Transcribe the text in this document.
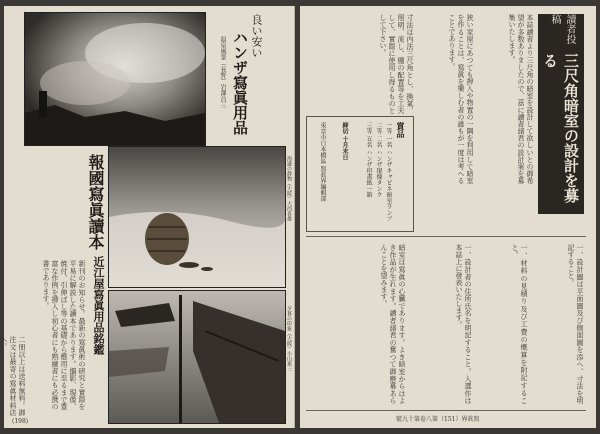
良い安い
ハンザ寫眞用品
温泉風景（長野）岩澤昌三
海邊の静物（大阪）大西喜雄
夕暮の印象（大阪）小山素三
報國寫眞讀本
近江屋寫眞用品銘鑑
新刊のお知らせ。最新の寫眞術の研究と實際を平易に解説した讀本であります。撮影、現像、焼付、引伸ばし等の基礎から應用に至るまで豊富な作例を挿入し初心者にも熟練者にも必携の書であります。
二冊以上は送料無料。御注文は最寄の寫眞材料店へ。
(198)
讀者投稿
三尺角暗室の設計を募る
本誌讀者より三尺角の暗室を設計して欲しいとの御希望が多数ありましたので、茲に讀者諸君の設計案を募集いたします。
狭い家屋にあつても押入や物置の一隅を利用して暗室を作ることは、寫眞を樂しむ者の誰もが一度は考へることであります。
寸法は内法三尺角とし、換氣、照明、流し、棚の配置等を工夫して、實際に使用し得るものとして下さい。
賞品
一等 一名 ハンザキャビネ暗室ランプ
二等 二名 ハンザ現像タンク
三等 五名 ハンザ印畫紙一箱
締切 十月末日
東京市日本橋區 寫眞界編輯部
一、設計圖は平面圖及び側面圖を添へ、寸法を明記すること。
一、材料の見積り及び工費の概算を附記すること。
一、設計者の住所氏名を明記すること。入選作は本誌上に發表いたします。
暗室は寫眞の心臟であります。よき暗室からはよき作品が生れます。讀者諸君の奮つて御應募あらんことを望みます。
號九十第卷八第（151）界眞寫
